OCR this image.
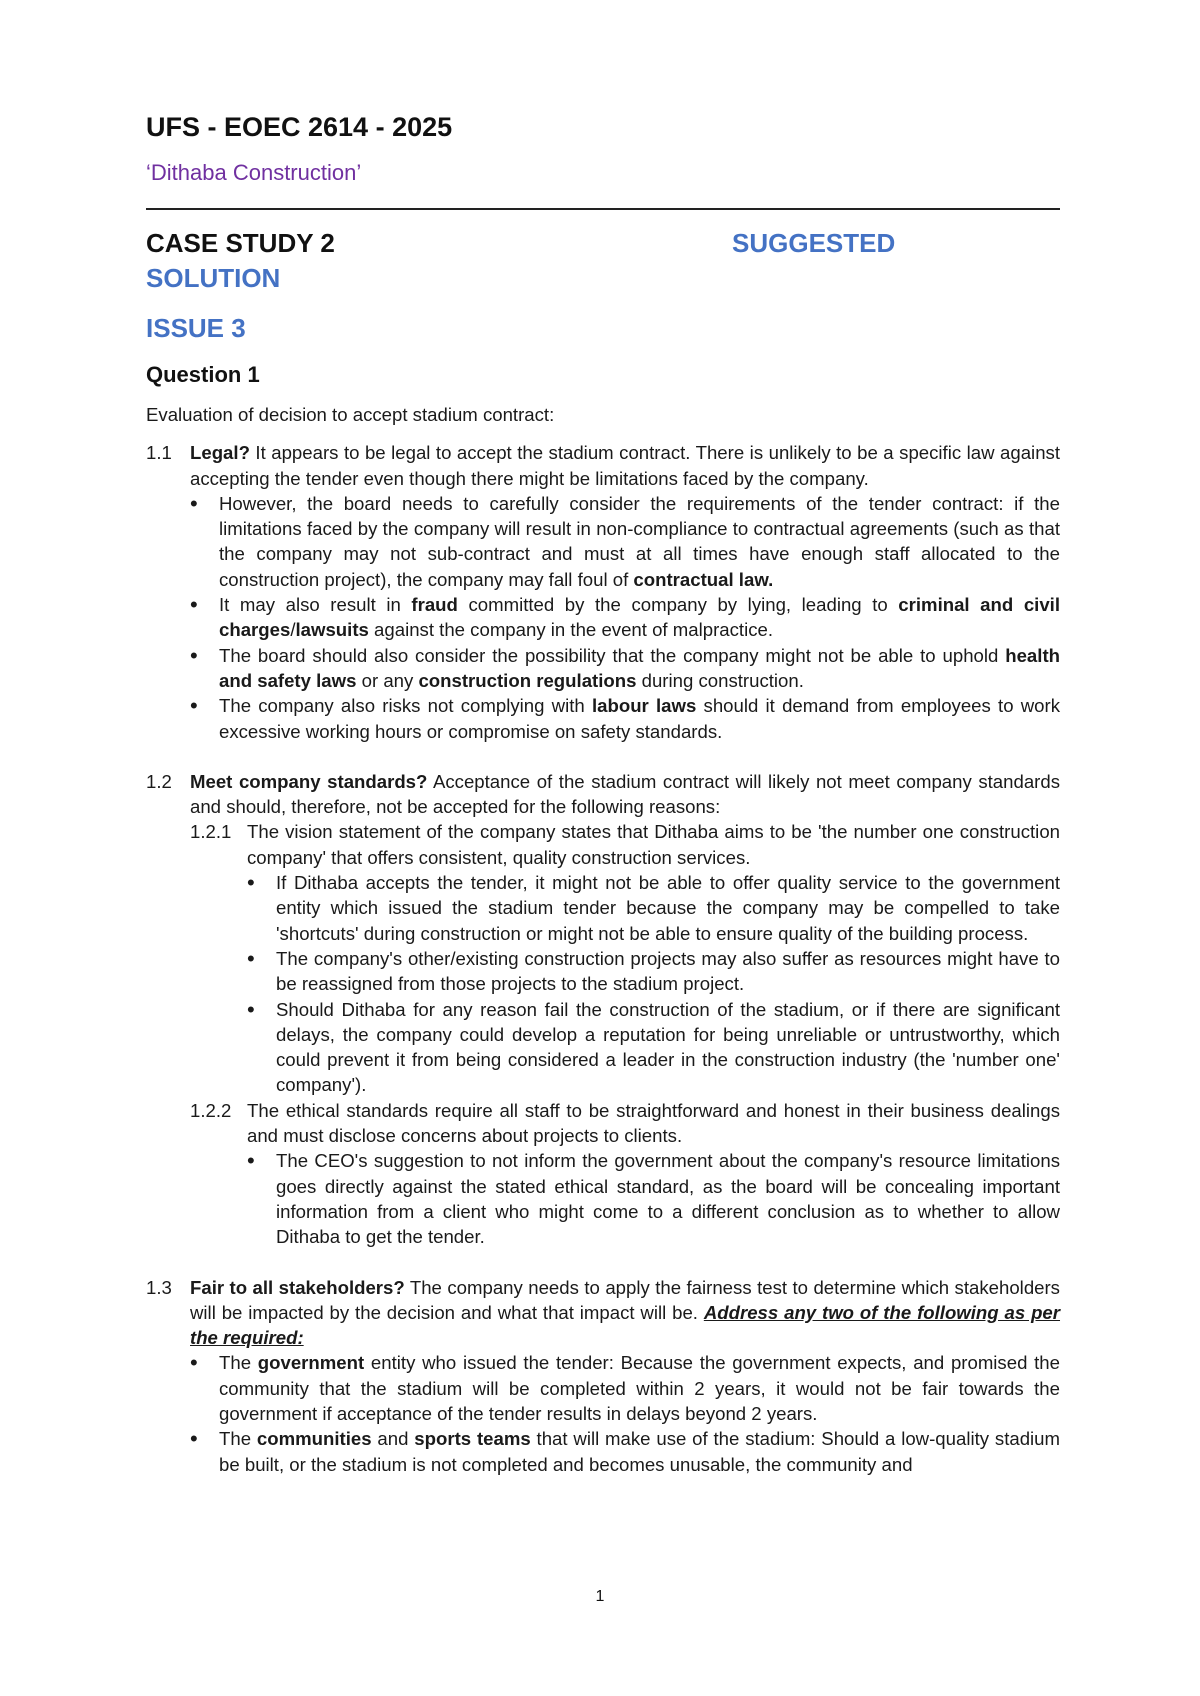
UFS - EOEC 2614 - 2025

‘Dithaba Construction’

CASE STUDY 2	SUGGESTED
SOLUTION
ISSUE 3
Question 1

Evaluation of decision to accept stadium contract:

1.1 Legal? It appears to be legal to accept the stadium contract. There is unlikely to be a specific law against accepting the tender even though there might be limitations faced by the company.
• However, the board needs to carefully consider the requirements of the tender contract: if the limitations faced by the company will result in non-compliance to contractual agreements (such as that the company may not sub-contract and must at all times have enough staff allocated to the construction project), the company may fall foul of contractual law.
• It may also result in fraud committed by the company by lying, leading to criminal and civil charges/lawsuits against the company in the event of malpractice.
• The board should also consider the possibility that the company might not be able to uphold health and safety laws or any construction regulations during construction.
• The company also risks not complying with labour laws should it demand from employees to work excessive working hours or compromise on safety standards.
1.2 Meet company standards? Acceptance of the stadium contract will likely not meet company standards and should, therefore, not be accepted for the following reasons:
1.2.1 The vision statement of the company states that Dithaba aims to be 'the number one construction company' that offers consistent, quality construction services.
• If Dithaba accepts the tender, it might not be able to offer quality service to the government entity which issued the stadium tender because the company may be compelled to take 'shortcuts' during construction or might not be able to ensure quality of the building process.
• The company's other/existing construction projects may also suffer as resources might have to be reassigned from those projects to the stadium project.
• Should Dithaba for any reason fail the construction of the stadium, or if there are significant delays, the company could develop a reputation for being unreliable or untrustworthy, which could prevent it from being considered a leader in the construction industry (the 'number one' company').
1.2.2 The ethical standards require all staff to be straightforward and honest in their business dealings and must disclose concerns about projects to clients.
• The CEO's suggestion to not inform the government about the company's resource limitations goes directly against the stated ethical standard, as the board will be concealing important information from a client who might come to a different conclusion as to whether to allow Dithaba to get the tender.
1.3 Fair to all stakeholders? The company needs to apply the fairness test to determine which stakeholders will be impacted by the decision and what that impact will be. Address any two of the following as per the required:
• The government entity who issued the tender: Because the government expects, and promised the community that the stadium will be completed within 2 years, it would not be fair towards the government if acceptance of the tender results in delays beyond 2 years.
• The communities and sports teams that will make use of the stadium: Should a low-quality stadium be built, or the stadium is not completed and becomes unusable, the community and
1
